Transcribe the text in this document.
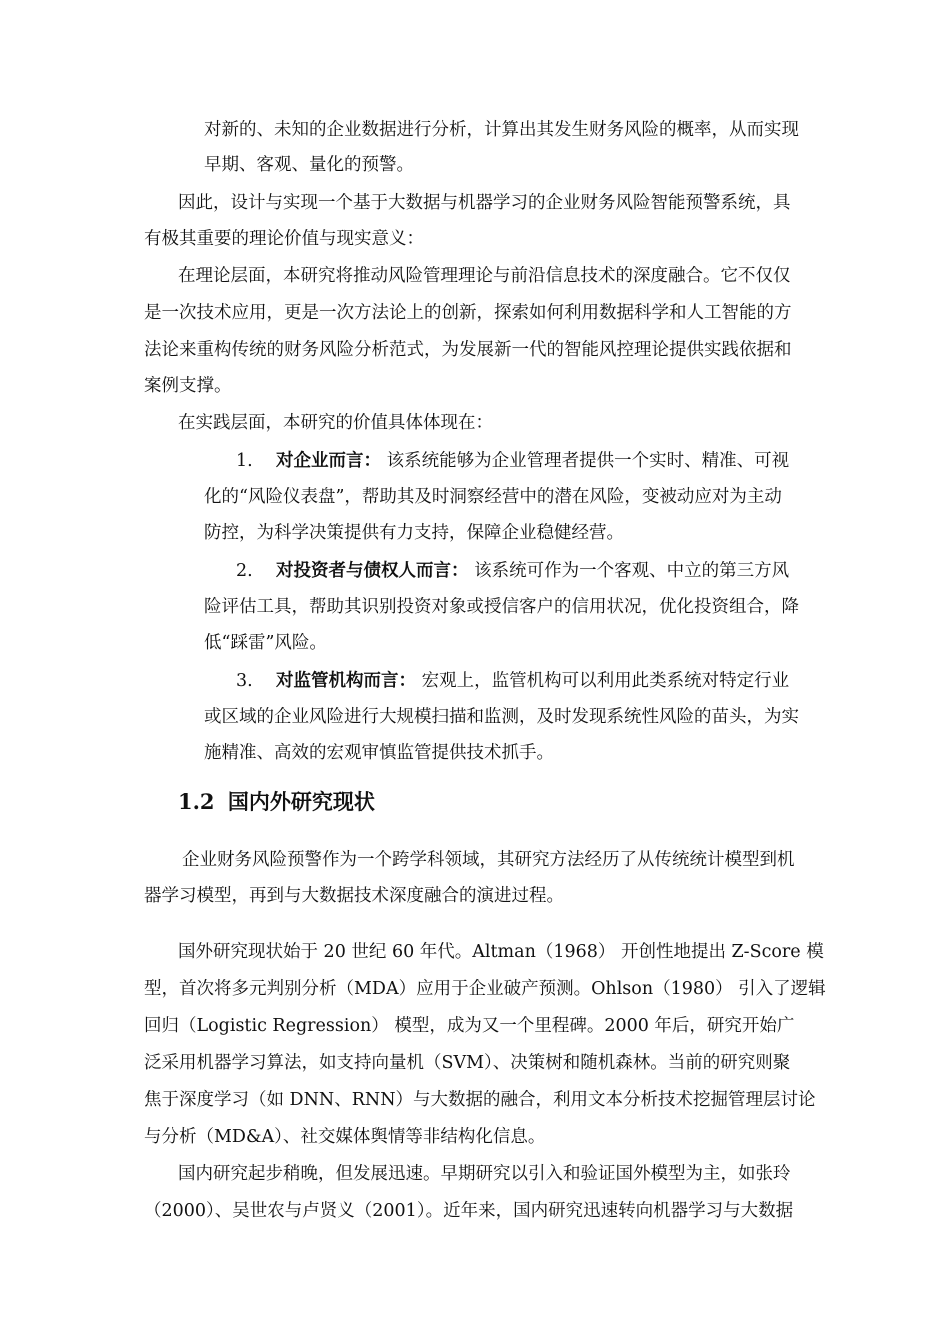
对新的、未知的企业数据进行分析，计算出其发生财务风险的概率，从而实现

早期、客观、量化的预警。

因此，设计与实现一个基于大数据与机器学习的企业财务风险智能预警系统，具

有极其重要的理论价值与现实意义：

在理论层面，本研究将推动风险管理理论与前沿信息技术的深度融合。它不仅仅

是一次技术应用，更是一次方法论上的创新，探索如何利用数据科学和人工智能的方

法论来重构传统的财务风险分析范式，为发展新一代的智能风控理论提供实践依据和

案例支撑。

在实践层面，本研究的价值具体体现在：

1. 对企业而言： 该系统能够为企业管理者提供一个实时、精准、可视

化的“风险仪表盘”，帮助其及时洞察经营中的潜在风险，变被动应对为主动

防控，为科学决策提供有力支持，保障企业稳健经营。

2. 对投资者与债权人而言： 该系统可作为一个客观、中立的第三方风

险评估工具，帮助其识别投资对象或授信客户的信用状况，优化投资组合，降

低“踩雷”风险。

3. 对监管机构而言： 宏观上，监管机构可以利用此类系统对特定行业

或区域的企业风险进行大规模扫描和监测，及时发现系统性风险的苗头，为实

施精准、高效的宏观审慎监管提供技术抓手。

1.2 国内外研究现状

企业财务风险预警作为一个跨学科领域，其研究方法经历了从传统统计模型到机

器学习模型，再到与大数据技术深度融合的演进过程。

国外研究现状始于 20 世纪 60 年代。Altman（1968） 开创性地提出 Z-Score 模

型，首次将多元判别分析（MDA）应用于企业破产预测。Ohlson（1980） 引入了逻辑

回归（Logistic Regression） 模型，成为又一个里程碑。2000 年后，研究开始广

泛采用机器学习算法，如支持向量机（SVM）、决策树和随机森林。当前的研究则聚

焦于深度学习（如 DNN、RNN）与大数据的融合，利用文本分析技术挖掘管理层讨论

与分析（MD&A）、社交媒体舆情等非结构化信息。

国内研究起步稍晚，但发展迅速。早期研究以引入和验证国外模型为主，如张玲

（2000）、吴世农与卢贤义（2001）。近年来，国内研究迅速转向机器学习与大数据
